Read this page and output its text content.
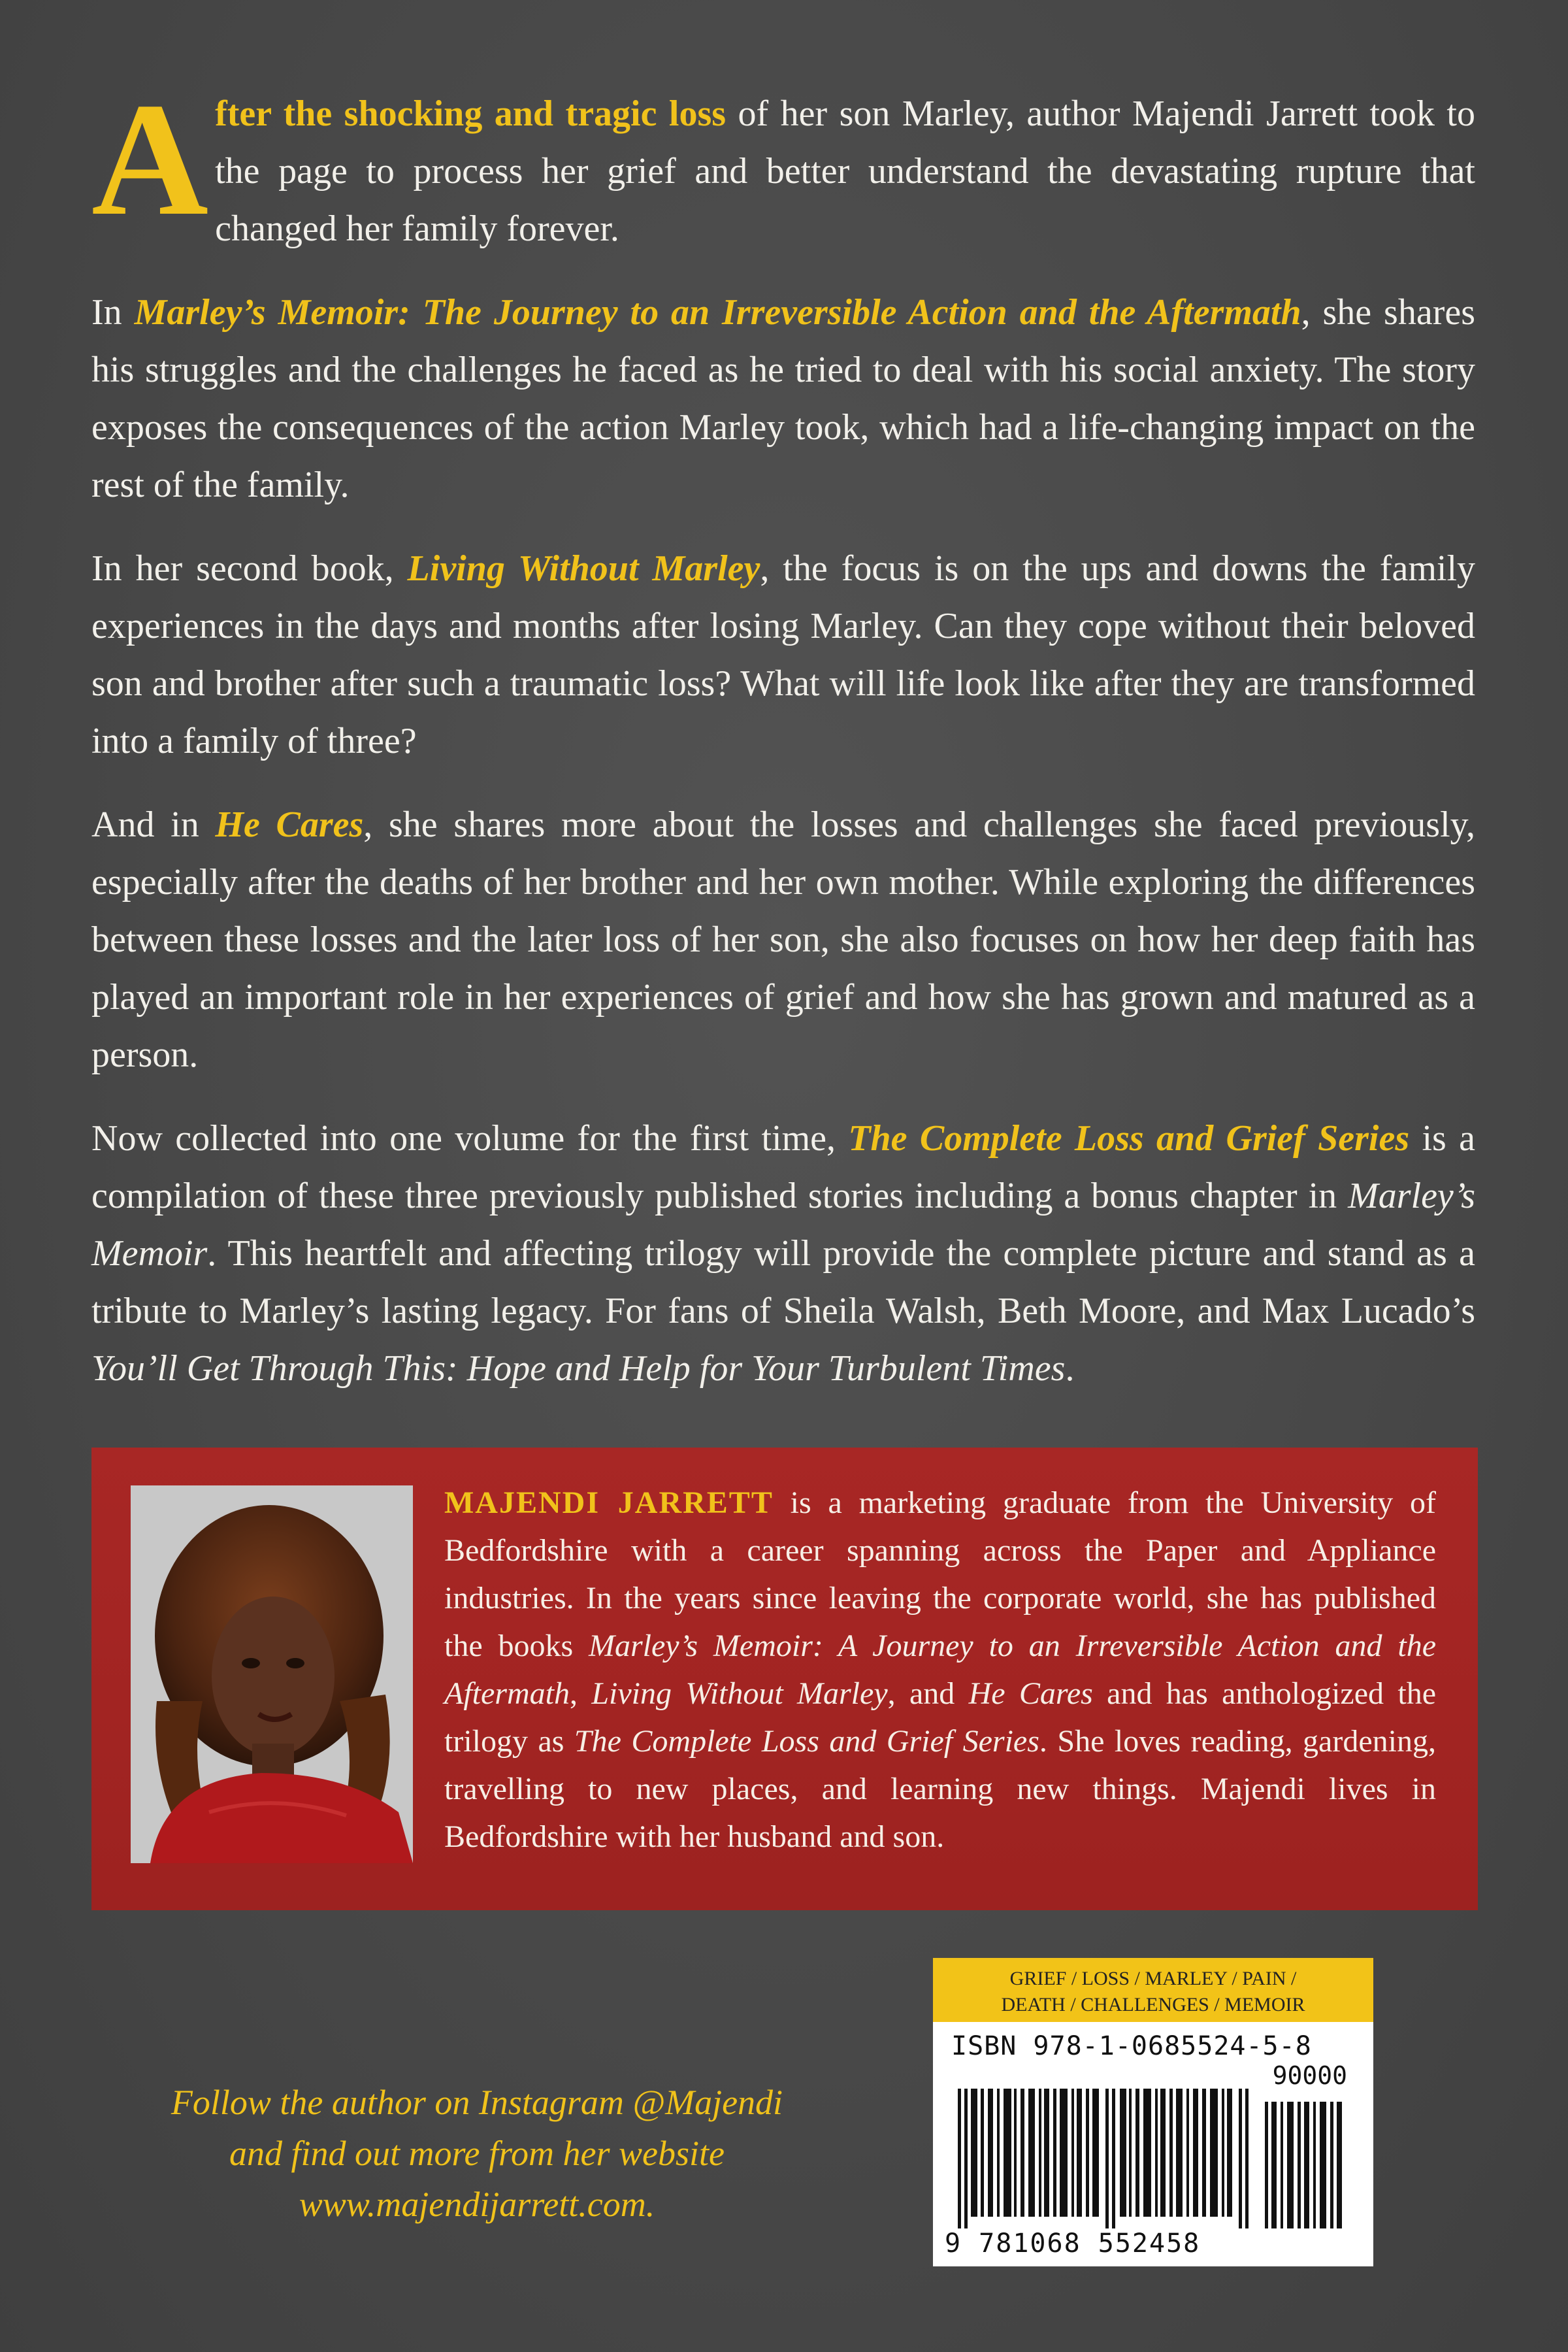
After the shocking and tragic loss of her son Marley, author Majendi Jarrett took to the page to process her grief and better understand the devastating rupture that changed her family forever.

In Marley’s Memoir: The Journey to an Irreversible Action and the Aftermath, she shares his struggles and the challenges he faced as he tried to deal with his social anxiety. The story exposes the consequences of the action Marley took, which had a life-changing impact on the rest of the family.

In her second book, Living Without Marley, the focus is on the ups and downs the family experiences in the days and months after losing Marley. Can they cope without their beloved son and brother after such a traumatic loss? What will life look like after they are transformed into a family of three?

And in He Cares, she shares more about the losses and challenges she faced previously, especially after the deaths of her brother and her own mother. While exploring the differences between these losses and the later loss of her son, she also focuses on how her deep faith has played an important role in her experiences of grief and how she has grown and matured as a person.

Now collected into one volume for the first time, The Complete Loss and Grief Series is a compilation of these three previously published stories including a bonus chapter in Marley’s Memoir. This heartfelt and affecting trilogy will provide the complete picture and stand as a tribute to Marley’s lasting legacy. For fans of Sheila Walsh, Beth Moore, and Max Lucado’s You’ll Get Through This: Hope and Help for Your Turbulent Times.

MAJENDI JARRETT is a marketing graduate from the University of Bedfordshire with a career spanning across the Paper and Appliance industries. In the years since leaving the corporate world, she has published the books Marley’s Memoir: A Journey to an Irreversible Action and the Aftermath, Living Without Marley, and He Cares and has anthologized the trilogy as The Complete Loss and Grief Series. She loves reading, gardening, travelling to new places, and learning new things. Majendi lives in Bedfordshire with her husband and son.
Follow the author on Instagram @Majendi
and find out more from her website
www.majendijarrett.com.
GRIEF / LOSS / MARLEY / PAIN /
DEATH / CHALLENGES / MEMOIR
ISBN 978-1-0685524-5-8
90000
9 781068 552458
